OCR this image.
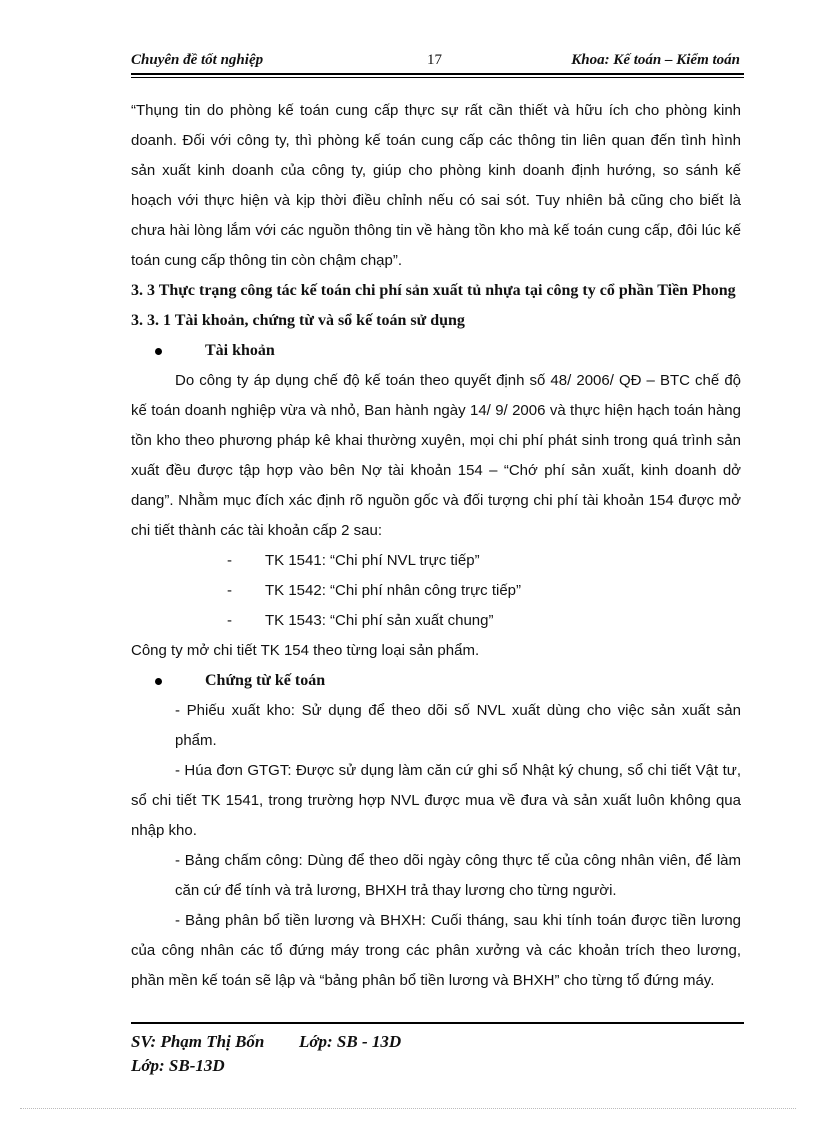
Chuyên đề tốt nghiệp	17	Khoa: Kế toán – Kiểm toán

“Thụng tin do phòng kế toán cung cấp thực sự rất cần thiết và hữu ích cho phòng kinh doanh. Đối với công ty, thì phòng kế toán cung cấp các thông tin liên quan đến tình hình sản xuất kinh doanh của công ty, giúp cho phòng kinh doanh định hướng, so sánh kế hoạch với thực hiện và kịp thời điều chỉnh nếu có sai sót. Tuy nhiên bả cũng cho biết là chưa hài lòng lắm với các nguồn thông tin về hàng tồn kho mà kế toán cung cấp, đôi lúc kế toán cung cấp thông tin còn chậm chạp”.

3. 3 Thực trạng công tác kế toán chi phí sản xuất tủ nhựa tại công ty cổ phần Tiền Phong

3. 3. 1 Tài khoản, chứng từ và sổ kế toán sử dụng

Tài khoản

Do công ty áp dụng chế độ kế toán theo quyết định số 48/ 2006/ QĐ – BTC chế độ kế toán doanh nghiệp vừa và nhỏ, Ban hành ngày 14/ 9/ 2006 và thực hiện hạch toán hàng tồn kho theo phương pháp kê khai thường xuyên, mọi chi phí phát sinh trong quá trình sản xuất đều được tập hợp vào bên Nợ tài khoản 154 – “Chớ phí sản xuất, kinh doanh dở dang”. Nhằm mục đích xác định rõ nguồn gốc và đối tượng chi phí tài khoản 154 được mở chi tiết thành các tài khoản cấp 2 sau:

- TK 1541: “Chi phí NVL trực tiếp”

- TK 1542: “Chi phí nhân công trực tiếp”

- TK 1543: “Chi phí sản xuất chung”

Công ty mở chi tiết TK 154 theo từng loại sản phẩm.

Chứng từ kế toán

- Phiếu xuất kho: Sử dụng để theo dõi số NVL xuất dùng cho việc sản xuất sản phẩm.

- Húa đơn GTGT: Được sử dụng làm căn cứ ghi sổ Nhật ký chung, sổ chi tiết Vật tư, sổ chi tiết TK 1541, trong trường hợp NVL được mua về đưa và sản xuất luôn không qua nhập kho.

- Bảng chấm công: Dùng để theo dõi ngày công thực tế của công nhân viên, để làm căn cứ để tính và trả lương, BHXH trả thay lương cho từng người.

- Bảng phân bổ tiền lương và BHXH: Cuối tháng, sau khi tính toán được tiền lương của công nhân các tổ đứng máy trong các phân xưởng và các khoản trích theo lương, phần mền kế toán sẽ lập và “bảng phân bổ tiền lương và BHXH” cho từng tổ đứng máy.

SV: Phạm Thị Bốn Lớp: SB - 13D
Lớp: SB-13D
